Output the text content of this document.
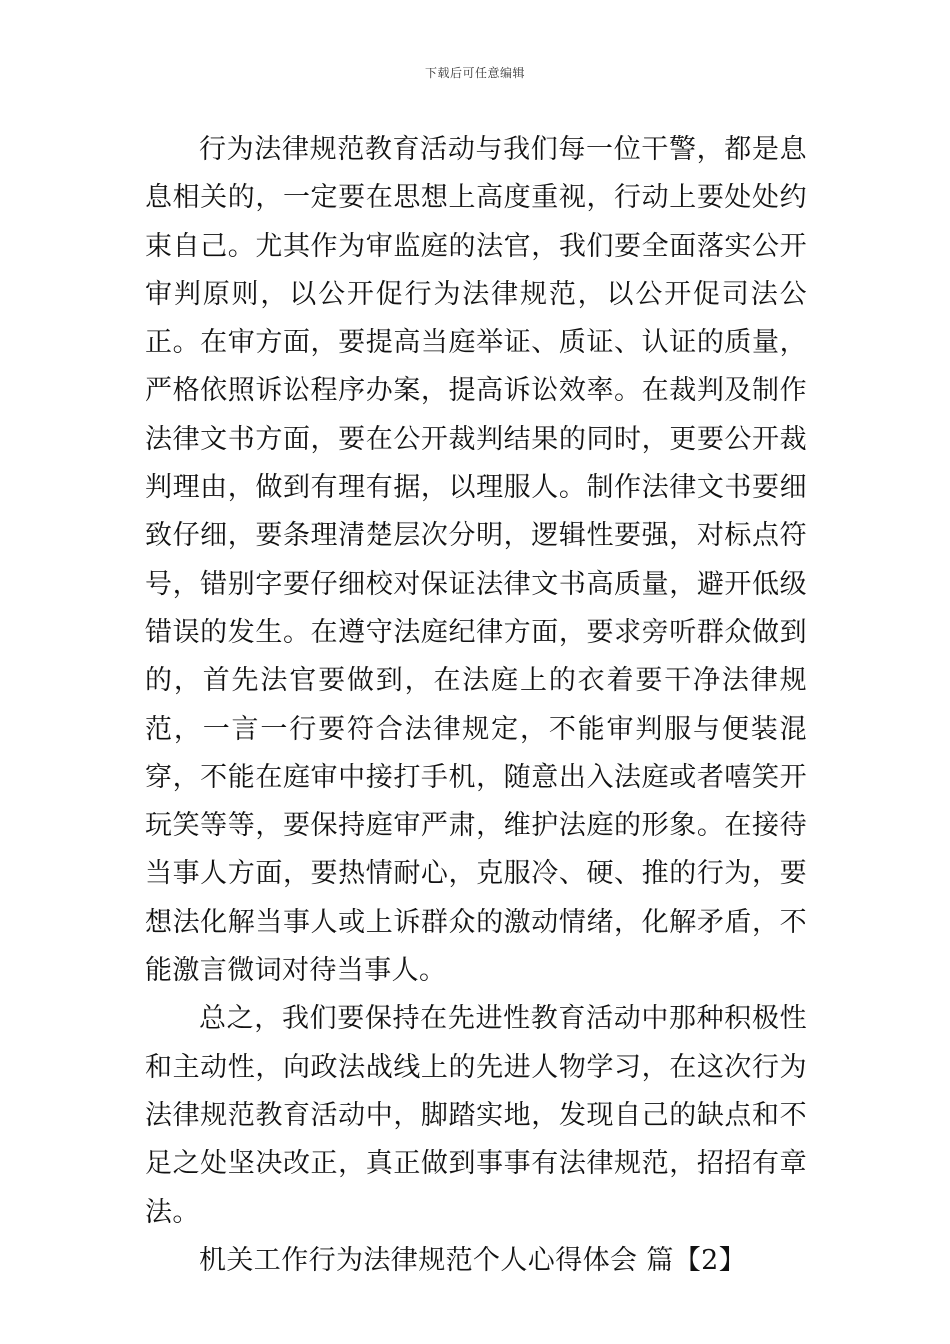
下载后可任意编辑

行为法律规范教育活动与我们每一位干警，都是息息相关的，一定要在思想上高度重视，行动上要处处约束自己。尤其作为审监庭的法官，我们要全面落实公开审判原则，以公开促行为法律规范，以公开促司法公正。在审方面，要提高当庭举证、质证、认证的质量，严格依照诉讼程序办案，提高诉讼效率。在裁判及制作法律文书方面，要在公开裁判结果的同时，更要公开裁判理由，做到有理有据，以理服人。制作法律文书要细致仔细，要条理清楚层次分明，逻辑性要强，对标点符号，错别字要仔细校对保证法律文书高质量，避开低级错误的发生。在遵守法庭纪律方面，要求旁听群众做到的，首先法官要做到，在法庭上的衣着要干净法律规范，一言一行要符合法律规定，不能审判服与便装混穿，不能在庭审中接打手机，随意出入法庭或者嘻笑开玩笑等等，要保持庭审严肃，维护法庭的形象。在接待当事人方面，要热情耐心，克服冷、硬、推的行为，要想法化解当事人或上诉群众的激动情绪，化解矛盾，不能激言微词对待当事人。

总之，我们要保持在先进性教育活动中那种积极性和主动性，向政法战线上的先进人物学习，在这次行为法律规范教育活动中，脚踏实地，发现自己的缺点和不足之处坚决改正，真正做到事事有法律规范，招招有章法。

机关工作行为法律规范个人心得体会 篇【2】
